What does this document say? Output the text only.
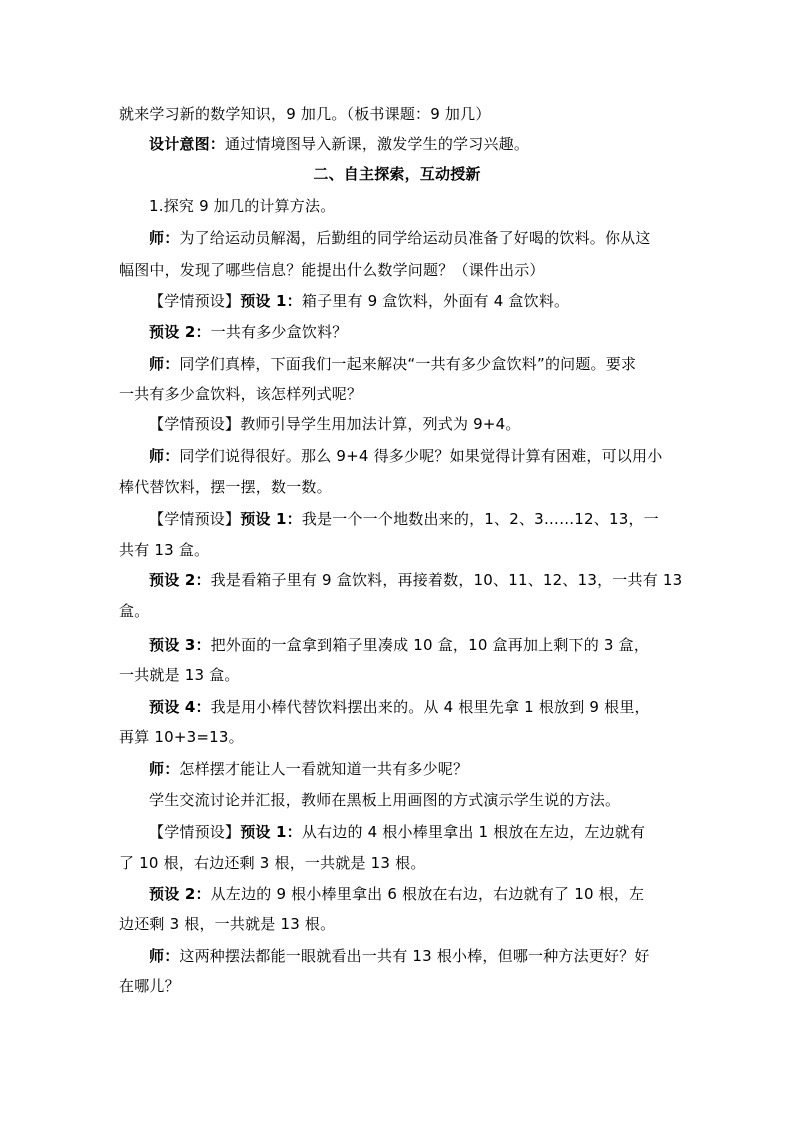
就来学习新的数学知识，9 加几。（板书课题：9 加几）
设计意图：通过情境图导入新课，激发学生的学习兴趣。
二、自主探索，互动授新
1.探究 9 加几的计算方法。
师：为了给运动员解渴，后勤组的同学给运动员准备了好喝的饮料。你从这
幅图中，发现了哪些信息？能提出什么数学问题？（课件出示）
【学情预设】预设 1：箱子里有 9 盒饮料，外面有 4 盒饮料。
预设 2：一共有多少盒饮料？
师：同学们真棒，下面我们一起来解决“一共有多少盒饮料”的问题。要求
一共有多少盒饮料，该怎样列式呢？
【学情预设】教师引导学生用加法计算，列式为 9+4。
师：同学们说得很好。那么 9+4 得多少呢？如果觉得计算有困难，可以用小
棒代替饮料，摆一摆，数一数。
【学情预设】预设 1：我是一个一个地数出来的，1、2、3……12、13，一
共有 13 盒。
预设 2：我是看箱子里有 9 盒饮料，再接着数，10、11、12、13，一共有 13
盒。
预设 3：把外面的一盒拿到箱子里凑成 10 盒，10 盒再加上剩下的 3 盒，
一共就是 13 盒。
预设 4：我是用小棒代替饮料摆出来的。从 4 根里先拿 1 根放到 9 根里，
再算 10+3=13。
师：怎样摆才能让人一看就知道一共有多少呢？
学生交流讨论并汇报，教师在黑板上用画图的方式演示学生说的方法。
【学情预设】预设 1：从右边的 4 根小棒里拿出 1 根放在左边，左边就有
了 10 根，右边还剩 3 根，一共就是 13 根。
预设 2：从左边的 9 根小棒里拿出 6 根放在右边，右边就有了 10 根，左
边还剩 3 根，一共就是 13 根。
师：这两种摆法都能一眼就看出一共有 13 根小棒，但哪一种方法更好？好
在哪儿？
